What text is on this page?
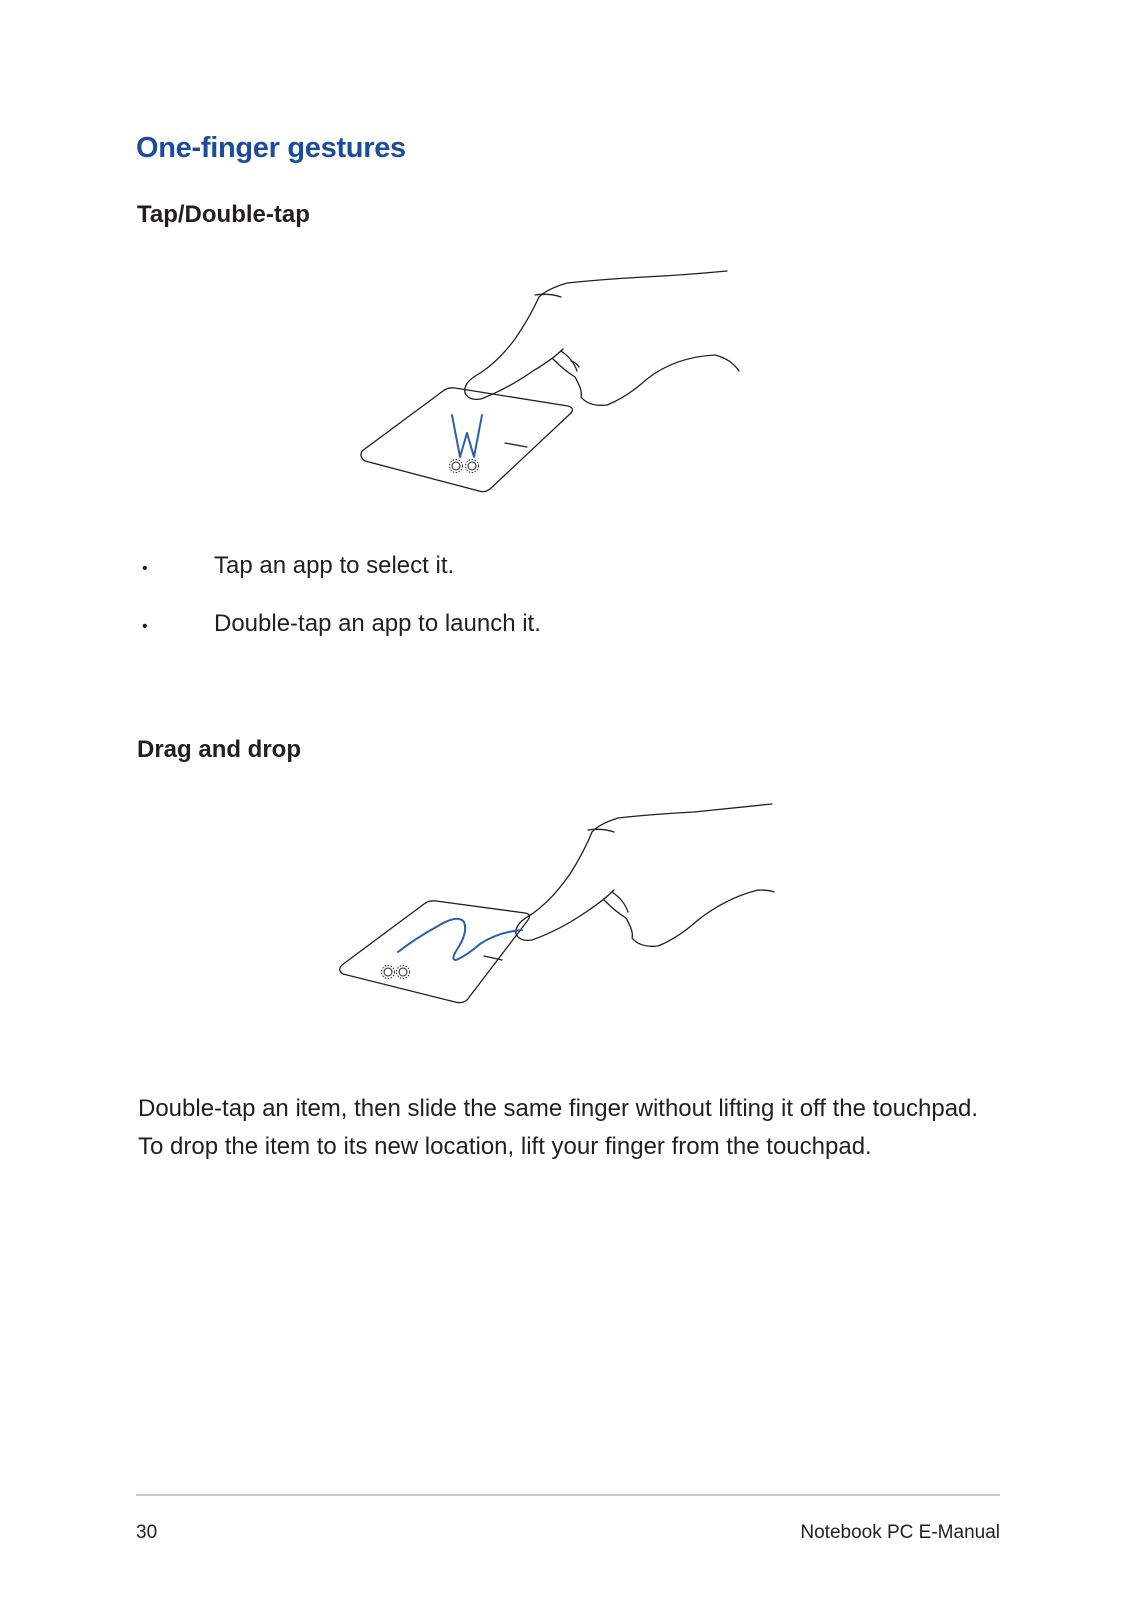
One-finger gestures
Tap/Double-tap
•	Tap an app to select it.
•	Double-tap an app to launch it.
Drag and drop

Double-tap an item, then slide the same finger without lifting it off the touchpad. To drop the item to its new location, lift your finger from the touchpad.

30	Notebook PC E-Manual
